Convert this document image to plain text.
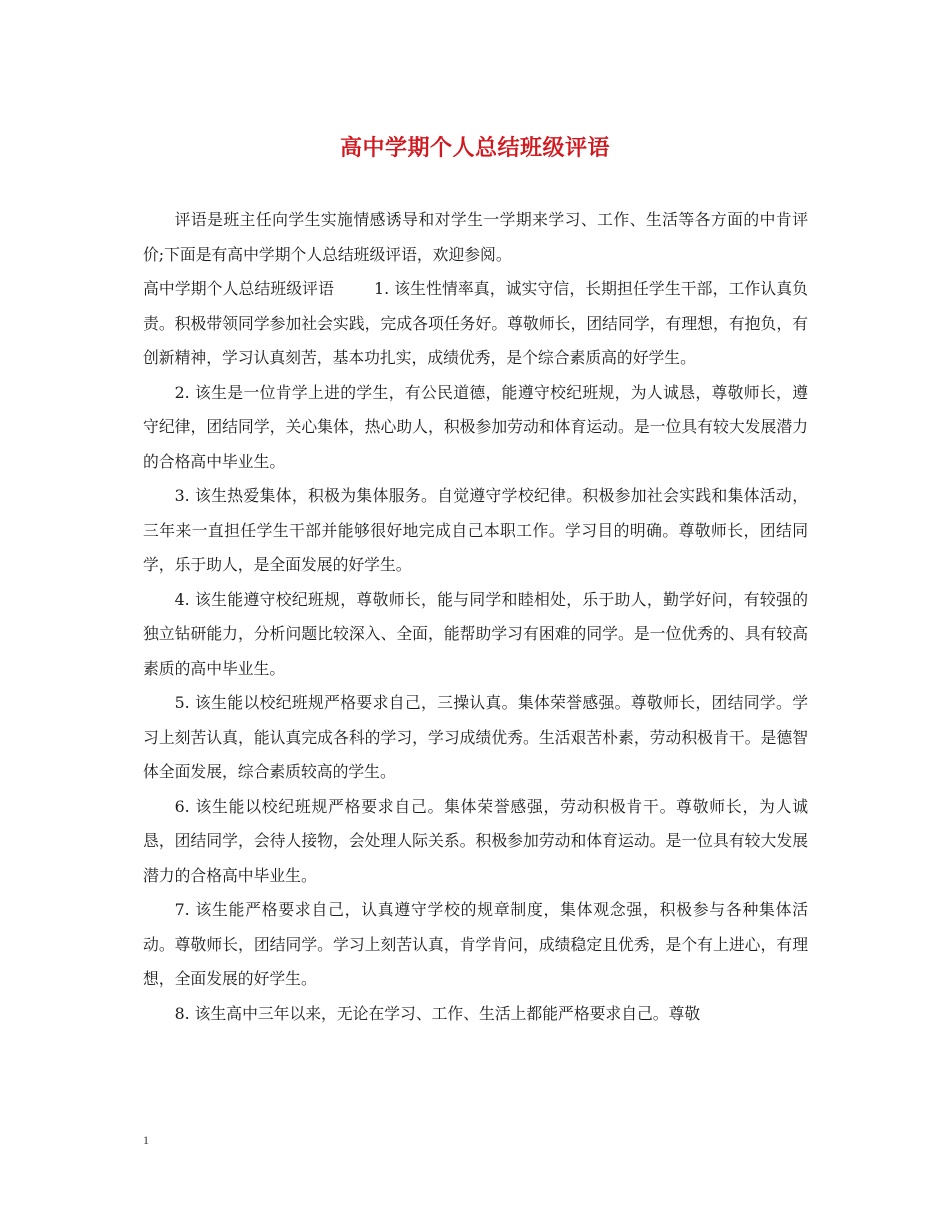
高中学期个人总结班级评语

评语是班主任向学生实施情感诱导和对学生一学期来学习、工作、生活等各方面的中肯评价;下面是有高中学期个人总结班级评语，欢迎参阅。

高中学期个人总结班级评语	1. 该生性情率真，诚实守信，长期担任学生干部，工作认真负责。积极带领同学参加社会实践，完成各项任务好。尊敬师长，团结同学，有理想，有抱负，有创新精神，学习认真刻苦，基本功扎实，成绩优秀，是个综合素质高的好学生。

2. 该生是一位肯学上进的学生，有公民道德，能遵守校纪班规，为人诚恳，尊敬师长，遵守纪律，团结同学，关心集体，热心助人，积极参加劳动和体育运动。是一位具有较大发展潜力的合格高中毕业生。

3. 该生热爱集体，积极为集体服务。自觉遵守学校纪律。积极参加社会实践和集体活动，三年来一直担任学生干部并能够很好地完成自己本职工作。学习目的明确。尊敬师长，团结同学，乐于助人，是全面发展的好学生。

4. 该生能遵守校纪班规，尊敬师长，能与同学和睦相处，乐于助人，勤学好问，有较强的独立钻研能力，分析问题比较深入、全面，能帮助学习有困难的同学。是一位优秀的、具有较高素质的高中毕业生。

5. 该生能以校纪班规严格要求自己，三操认真。集体荣誉感强。尊敬师长，团结同学。学习上刻苦认真，能认真完成各科的学习，学习成绩优秀。生活艰苦朴素，劳动积极肯干。是德智体全面发展，综合素质较高的学生。

6. 该生能以校纪班规严格要求自己。集体荣誉感强，劳动积极肯干。尊敬师长，为人诚恳，团结同学，会待人接物，会处理人际关系。积极参加劳动和体育运动。是一位具有较大发展潜力的合格高中毕业生。

7. 该生能严格要求自己，认真遵守学校的规章制度，集体观念强，积极参与各种集体活动。尊敬师长，团结同学。学习上刻苦认真，肯学肯问，成绩稳定且优秀，是个有上进心，有理想，全面发展的好学生。

8. 该生高中三年以来，无论在学习、工作、生活上都能严格要求自己。尊敬

1
